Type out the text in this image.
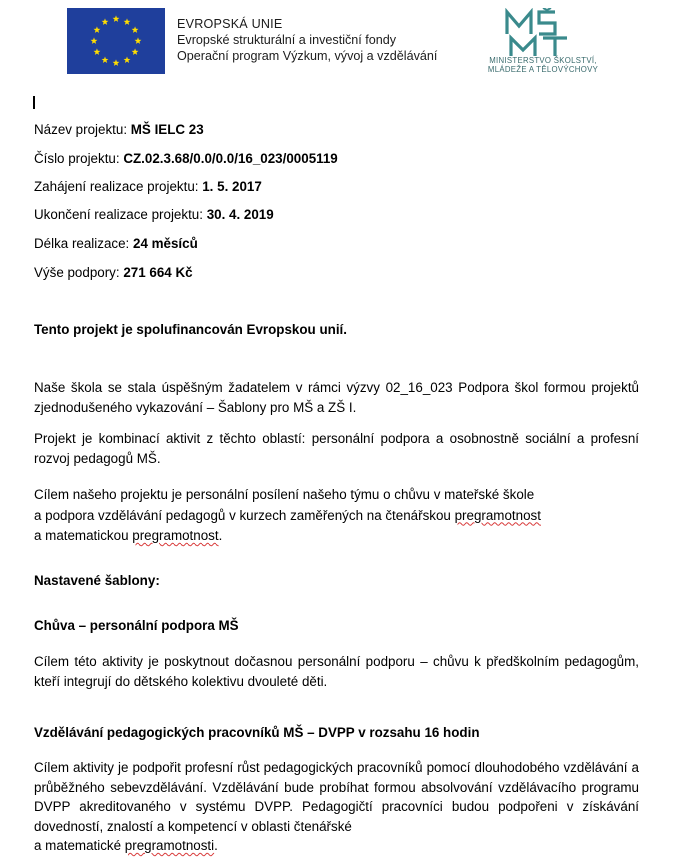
EVROPSKÁ UNIE
Evropské strukturální a investiční fondy
Operační program Výzkum, vývoj a vzdělávání	MINISTERSTVO ŠKOLSTVÍ,
MLÁDEŽE A TĚLOVÝCHOVY
Název projektu: MŠ IELC 23
Číslo projektu: CZ.02.3.68/0.0/0.0/16_023/0005119
Zahájení realizace projektu: 1. 5. 2017
Ukončení realizace projektu: 30. 4. 2019
Délka realizace: 24 měsíců
Výše podpory: 271 664 Kč
Tento projekt je spolufinancován Evropskou unií.
Naše škola se stala úspěšným žadatelem v rámci výzvy 02_16_023 Podpora škol formou projektů zjednodušeného vykazování – Šablony pro MŠ a ZŠ I.
Projekt je kombinací aktivit z těchto oblastí: personální podpora a osobnostně sociální a profesní rozvoj pedagogů MŠ.
Cílem našeho projektu je personální posílení našeho týmu o chůvu v mateřské škole
a podpora vzdělávání pedagogů v kurzech zaměřených na čtenářskou pregramotnost
a matematickou pregramotnost.
Nastavené šablony:
Chůva – personální podpora MŠ
Cílem této aktivity je poskytnout dočasnou personální podporu – chůvu k předškolním pedagogům, kteří integrují do dětského kolektivu dvouleté děti.
Vzdělávání pedagogických pracovníků MŠ – DVPP v rozsahu 16 hodin
Cílem aktivity je podpořit profesní růst pedagogických pracovníků pomocí dlouhodobého vzdělávání a průběžného sebevzdělávání. Vzdělávání bude probíhat formou absolvování vzdělávacího programu DVPP akreditovaného v systému DVPP. Pedagogičtí pracovníci budou podpořeni v získávání dovedností, znalostí a kompetencí v oblasti čtenářské
a matematické pregramotnosti.
